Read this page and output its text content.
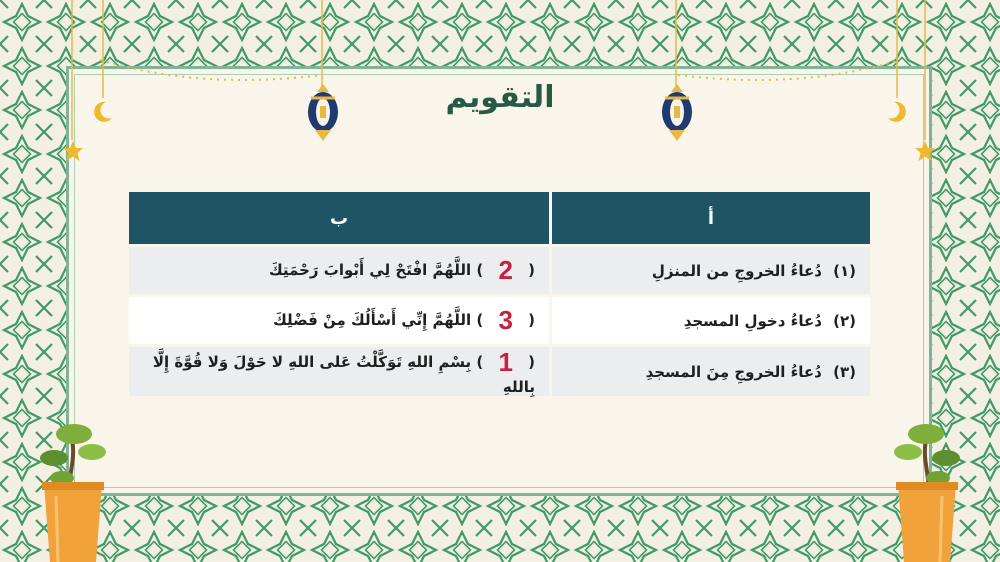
التقويم
أ	ب
(١) دُعاءُ الخروجِ من المنزلِ	( 2 ) اللَّهُمَّ افْتَحْ لِي أَبْوابَ رَحْمَتِكَ
(٢) دُعاءُ دخولِ المسجدِ	( 3 ) اللَّهُمَّ إِنِّي أَسْأَلُكَ مِنْ فَضْلِكَ
(٣) دُعاءُ الخروجِ مِنَ المسجدِ	( 1 ) بِسْمِ اللهِ تَوَكَّلْتُ عَلى اللهِ لا حَوْلَ وَلا قُوَّةَ إِلَّا بِاللهِ
